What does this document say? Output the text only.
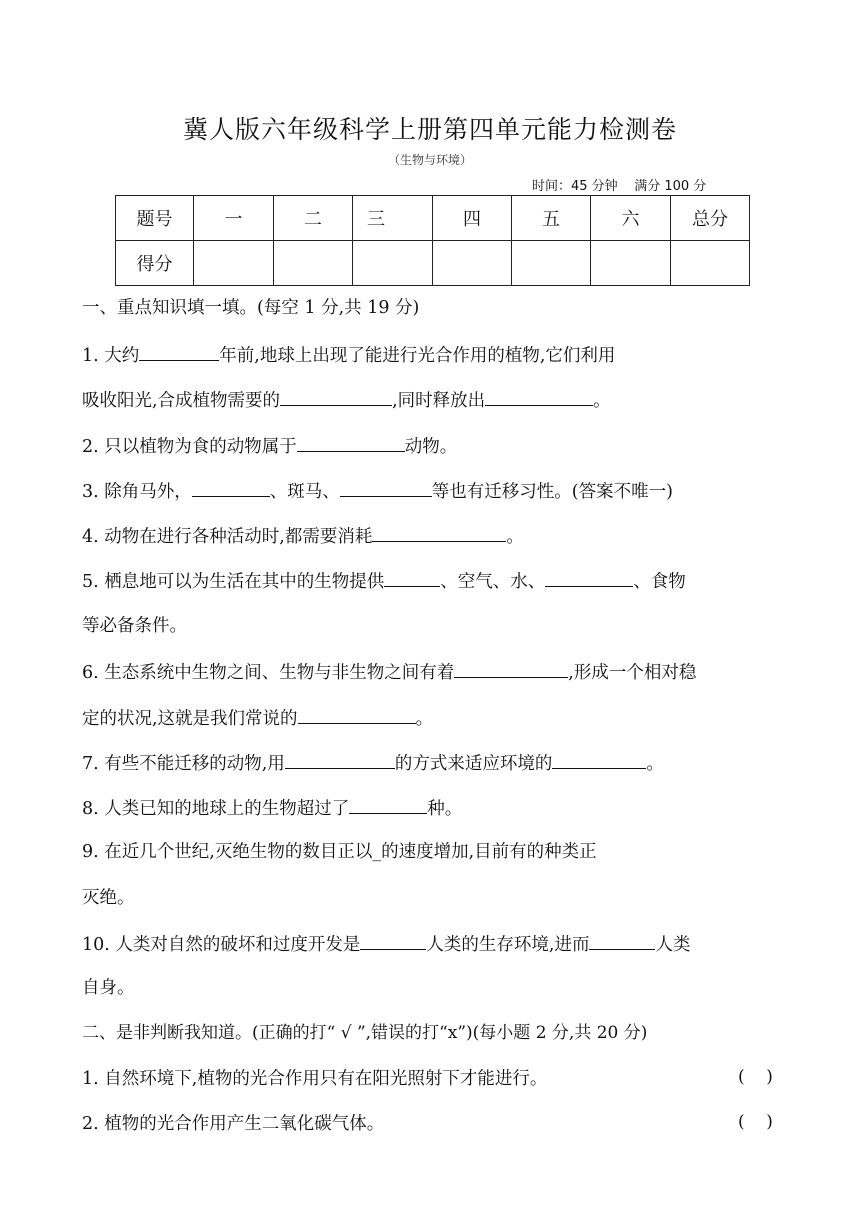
冀人版六年级科学上册第四单元能力检测卷
（生物与环境）
时间：45 分钟    满分 100 分
题号	一	二	三	四	五	六	总分
得分							
一、重点知识填一填。(每空 1 分,共 19 分)
1. 大约	年前,地球上出现了能进行光合作用的植物,它们利用
吸收阳光,合成植物需要的	,同时释放出	。
2. 只以植物为食的动物属于	动物。
3. 除角马外，	、斑马、	等也有迁移习性。(答案不唯一)
4. 动物在进行各种活动时,都需要消耗	。
5. 栖息地可以为生活在其中的生物提供	、空气、水、	、食物
等必备条件。
6. 生态系统中生物之间、生物与非生物之间有着	,形成一个相对稳
定的状况,这就是我们常说的	。
7. 有些不能迁移的动物,用	的方式来适应环境的	。
8. 人类已知的地球上的生物超过了	种。
9. 在近几个世纪,灭绝生物的数目正以_的速度增加,目前有的种类正
灭绝。
10. 人类对自然的破坏和过度开发是	人类的生存环境,进而	人类
自身。
二、是非判断我知道。(正确的打“ √ ”,错误的打“x”)(每小题 2 分,共 20 分)
1. 自然环境下,植物的光合作用只有在阳光照射下才能进行。	(    )
2. 植物的光合作用产生二氧化碳气体。	(    )
